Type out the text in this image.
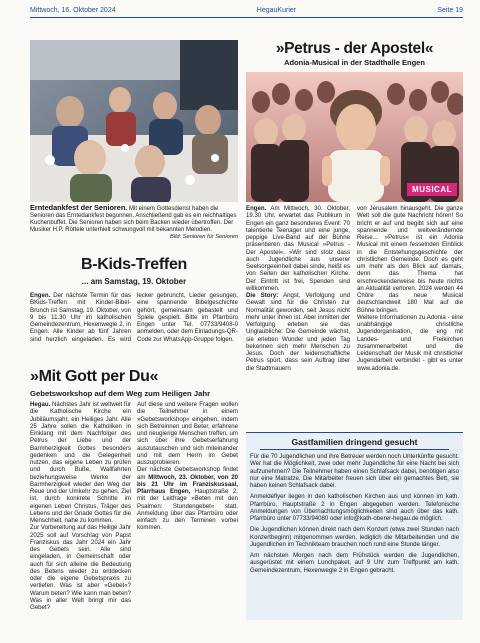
Mittwoch, 16. Oktober 2024	HegauKurier	Seite 19
Erntedankfest der Senioren. Mit einem Gottesdienst haben die Senioren das Erntedankfest begonnen. Anschließend gab es ein reichhaltiges Kuchenbuffet. Die Senioren haben sich beim Backen wieder übertroffen. Der Musiker H.P. Röttele unterhielt schwungvoll mit bekannten Melodien.
Bild: Senioren für Senioren
B-Kids-Treffen
... am Samstag, 19. Oktober

Engen. Der nächste Termin für das BKids-Treffen mit Kinder-Bibel-Brunch ist Samstag, 19. Oktober, von 9 bis 11.30 Uhr im katholischen Gemeindezentrum, Hexenwegle 2, in Engen. Alle Kinder ab fünf Jahren sind herzlich eingeladen. Es wird lecker gebruncht, Lieder gesungen, eine spannende Bibelgeschichte gehört, gemeinsam gebastelt und Spiele gespielt. Bitte im Pfarrbüro Engen unter Tel. 07733/9408-0 anmelden, oder dem Einladungs-QR-Code zur WhatsApp-Gruppe folgen.

»Mit Gott per Du«
Gebetsworkshop auf dem Weg zum Heiligen Jahr

Hegau. Nächstes Jahr ist weltweit für die Katholische Kirche ein Jubiläumsjahr, ein Heiliges Jahr. Alle 25 Jahre sollen die Katholiken in Einklang mit dem Nachfolger des Petrus der Liebe und der Barmherzigkeit Gottes besonders gedenken und die Gelegenheit nutzen, das eigene Leben zu prüfen und durch Buße, Wallfahrten beziehungsweise Werke der Barmherzigkeit wieder den Weg der Reue und der Umkehr zu gehen. Ziel ist, durch konkrete Schritte im eigenen Leben Christus, Träger des Lebens und der Gnade Gottes für die Menschheit, nahe zu kommen.

Zur Vorbereitung auf das Heilige Jahr 2025 soll auf Vorschlag von Papst Franziskus das Jahr 2024 ein Jahr des Gebets sein. Alle sind eingeladen, in Gemeinschaft oder auch für sich alleine die Bedeutung des Betens wieder zu entdecken oder die eigene Gebetspraxis zu vertiefen. Was ist aber »Gebet«? Warum beten? Wie kann man beten? Was in aller Welt bringt mir das Gebet?

Auf diese und weitere Fragen wollen die Teilnehmer in einem »Gebetsworkshop« eingehen, indem sich Betreinnen und Beter, erfahrene und neugierige Menschen treffen, um sich über ihre Gebetserfahrung auszutauschen und sich miteinander und mit dem Herrn im Gebet auszuprobieren.

Der nächste Gebetsworkshop findet am Mittwoch, 23. Oktober, von 20 bis 21 Uhr im Franziskussaal, Pfarrhaus Engen, Hauptstraße 2, mit der Leitfrage »Beten mit den Psalmen: Stundengebet« statt. Anmeldung über das Pfarrbüro oder einfach zu den Terminen vorbei kommen.

»Petrus - der Apostel«
Adonia-Musical in der Stadthalle Engen
MUSICAL

Engen. Am Mittwoch, 30. Oktober, 19.30 Uhr, erwartet das Publikum in Engen ein ganz besonderes Event: 70 talentierte Teenager und eine junge, peppige Live-Band auf der Bühne präsentieren das Musical »Petrus - Der Apostel«. »Wir sind stolz dass auch Jugendliche aus unserer Seelsorgeeinheit dabei sinde, heißt es von Seiten der katholischen Kirche. Der Eintritt ist frei, Spenden sind willkommen.

Die Story: Angst, Verfolgung und Gewalt sind für die Christen zur Normalität geworden, seit Jesus nicht mehr unter ihnen ist. Aber inmitten der Verfolgung erleben sie das Unglaubliche: Die Gemeinde wächst, sie erleben Wunder und jeden Tag bekennen sich mehr Menschen zu Jesus. Doch der leidenschaftliche Petrus spürt, dass sein Auftrag über die Stadtmauern

von Jerusalem hinausgeht. Die ganze Welt soll die gute Nachricht hören! So bricht er auf und begibt sich auf eine spannende und weltverändernde Reise... »Petrus« ist ein Adonia Musical mit einem fesselnden Einblick in die Entstehungsgeschichte der christlichen Gemeinde. Doch es geht um mehr als den Blick auf damals, denn das Thema hat erschreckenderweise bis heute nichts an Aktualität verloren. 2024 werden 44 Chöre das neue Musical deutschlandweit 180 Mal auf die Bühne bringen.

Weitere Informationen zu Adonia - eine unabhängige christliche Jugendorganisation, die eng mit Landes- und Freikirchen zusammenarbeitet und die Leidenschaft der Musik mit christlicher Jugendarbeit verbindet - gibt es unter www.adonia.de.

Gastfamilien dringend gesucht

Für die 70 Jugendlichen und ihre Betreuer werden noch Unterkünfte gesucht. Wer hat die Möglichkeit, zwei oder mehr Jugendliche für eine Nacht bei sich aufzunehmen? Die Teilnehmer haben einen Schlafsack dabei, benötigen also nur eine Matratze. Die Mitarbeiter freuen sich über ein gemachtes Bett, sie haben keinen Schlafsack dabei.

Anmeldeflyer liegen in den katholischen Kirchen aus und können im kath. Pfarrbüro, Hauptstraße 2 in Engen abgegeben werden. Telefonische Anmeldungen von Übernachtungsmöglichkeiten sind auch über das kath. Pfarrbüro unter 07733/94080 oder info@kath-oberer-hegau.de möglich.

Die Jugendlichen können direkt nach dem Konzert (etwa zwei Stunden nach Konzertbeginn) mitgenommen werden, lediglich die Mitarbeitenden und die Jugendlichen im Technikteam brauchen noch rund eine Stunde länger.

Am nächsten Morgen nach dem Frühstück werden die Jugendlichen, ausgerüstet mit einem Lunchpaket, auf 9 Uhr zum Treffpunkt am kath. Gemeindezentrum, Hexenwegle 2 in Engen gebracht.
